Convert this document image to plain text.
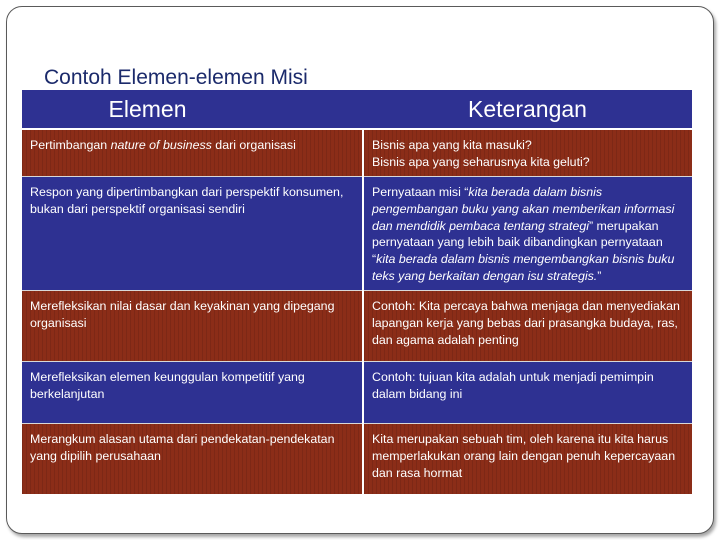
Contoh Elemen-elemen Misi
Elemen	Keterangan
Pertimbangan nature of business dari organisasi	Bisnis apa yang kita masuki?
Bisnis apa yang seharusnya kita geluti?
Respon yang dipertimbangkan dari perspektif konsumen, bukan dari perspektif organisasi sendiri	Pernyataan misi “kita berada dalam bisnis pengembangan buku yang akan memberikan informasi dan mendidik pembaca tentang strategi” merupakan pernyataan yang lebih baik dibandingkan pernyataan “kita berada dalam bisnis mengembangkan bisnis buku teks yang berkaitan dengan isu strategis.”
Merefleksikan nilai dasar dan keyakinan yang dipegang organisasi	Contoh: Kita percaya bahwa menjaga dan menyediakan lapangan kerja yang bebas dari prasangka budaya, ras, dan agama adalah penting
Merefleksikan elemen keunggulan kompetitif yang berkelanjutan	Contoh: tujuan kita adalah untuk menjadi pemimpin dalam bidang ini
Merangkum alasan utama dari pendekatan-pendekatan yang dipilih perusahaan	Kita merupakan sebuah tim, oleh karena itu kita harus memperlakukan orang lain dengan penuh kepercayaan dan rasa hormat
